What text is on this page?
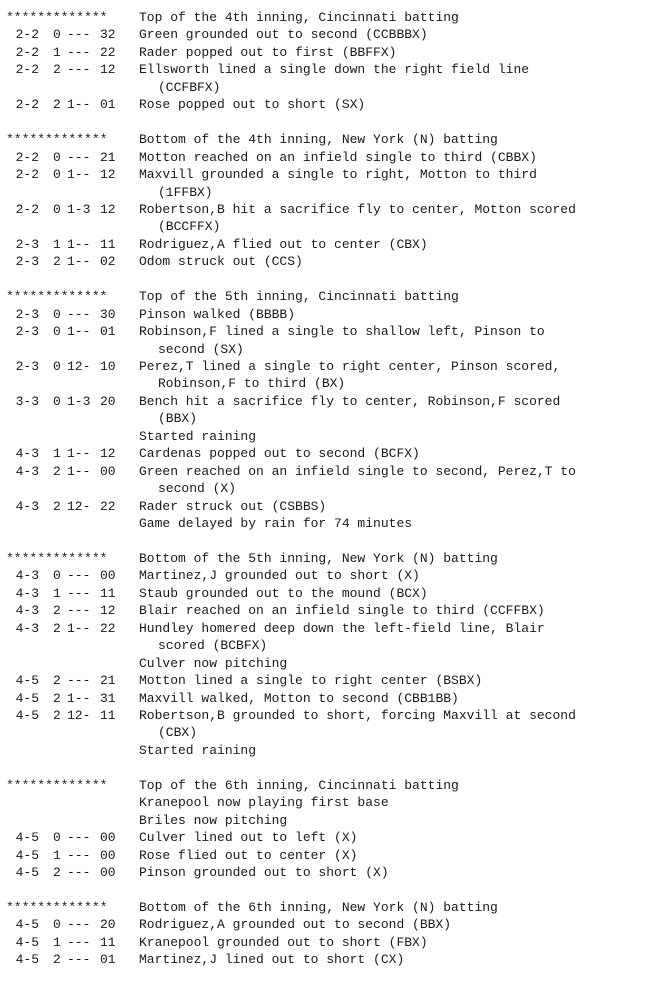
************* Top of the 4th inning, Cincinnati batting
2-2 0 --- 32 Green grounded out to second (CCBBBX)
2-2 1 --- 22 Rader popped out to first (BBFFX)
2-2 2 --- 12 Ellsworth lined a single down the right field line
(CCFBFX)
2-2 2 1-- 01 Rose popped out to short (SX)
************* Bottom of the 4th inning, New York (N) batting
2-2 0 --- 21 Motton reached on an infield single to third (CBBX)
2-2 0 1-- 12 Maxvill grounded a single to right, Motton to third
(1FFBX)
2-2 0 1-3 12 Robertson,B hit a sacrifice fly to center, Motton scored
(BCCFFX)
2-3 1 1-- 11 Rodriguez,A flied out to center (CBX)
2-3 2 1-- 02 Odom struck out (CCS)
************* Top of the 5th inning, Cincinnati batting
2-3 0 --- 30 Pinson walked (BBBB)
2-3 0 1-- 01 Robinson,F lined a single to shallow left, Pinson to
second (SX)
2-3 0 12- 10 Perez,T lined a single to right center, Pinson scored,
Robinson,F to third (BX)
3-3 0 1-3 20 Bench hit a sacrifice fly to center, Robinson,F scored
(BBX)
Started raining
4-3 1 1-- 12 Cardenas popped out to second (BCFX)
4-3 2 1-- 00 Green reached on an infield single to second, Perez,T to
second (X)
4-3 2 12- 22 Rader struck out (CSBBS)
Game delayed by rain for 74 minutes
************* Bottom of the 5th inning, New York (N) batting
4-3 0 --- 00 Martinez,J grounded out to short (X)
4-3 1 --- 11 Staub grounded out to the mound (BCX)
4-3 2 --- 12 Blair reached on an infield single to third (CCFFBX)
4-3 2 1-- 22 Hundley homered deep down the left-field line, Blair
scored (BCBFX)
Culver now pitching
4-5 2 --- 21 Motton lined a single to right center (BSBX)
4-5 2 1-- 31 Maxvill walked, Motton to second (CBB1BB)
4-5 2 12- 11 Robertson,B grounded to short, forcing Maxvill at second
(CBX)
Started raining
************* Top of the 6th inning, Cincinnati batting
Kranepool now playing first base
Briles now pitching
4-5 0 --- 00 Culver lined out to left (X)
4-5 1 --- 00 Rose flied out to center (X)
4-5 2 --- 00 Pinson grounded out to short (X)
************* Bottom of the 6th inning, New York (N) batting
4-5 0 --- 20 Rodriguez,A grounded out to second (BBX)
4-5 1 --- 11 Kranepool grounded out to short (FBX)
4-5 2 --- 01 Martinez,J lined out to short (CX)
